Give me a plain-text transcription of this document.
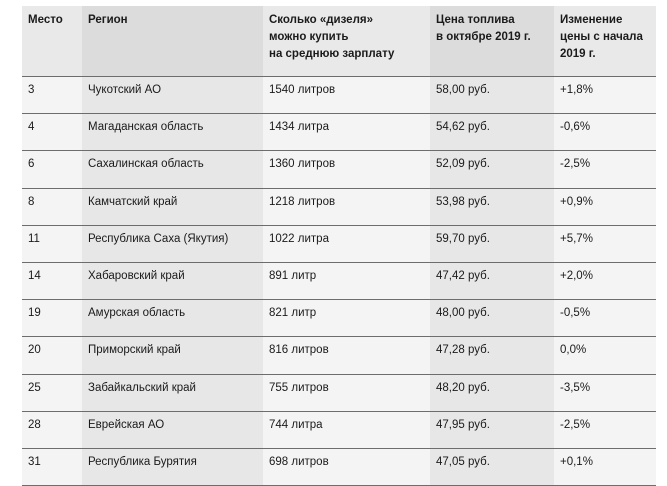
Место	Регион	Сколько «дизеля»
можно купить
на среднюю зарплату	Цена топлива
в октябре 2019 г.	Изменение
цены с начала
2019 г.
3	Чукотский АО	1540 литров	58,00 руб.	+1,8%
4	Магаданская область	1434 литра	54,62 руб.	-0,6%
6	Сахалинская область	1360 литров	52,09 руб.	-2,5%
8	Камчатский край	1218 литров	53,98 руб.	+0,9%
11	Республика Саха (Якутия)	1022 литра	59,70 руб.	+5,7%
14	Хабаровский край	891 литр	47,42 руб.	+2,0%
19	Амурская область	821 литр	48,00 руб.	-0,5%
20	Приморский край	816 литров	47,28 руб.	0,0%
25	Забайкальский край	755 литров	48,20 руб.	-3,5%
28	Еврейская АО	744 литра	47,95 руб.	-2,5%
31	Республика Бурятия	698 литров	47,05 руб.	+0,1%
